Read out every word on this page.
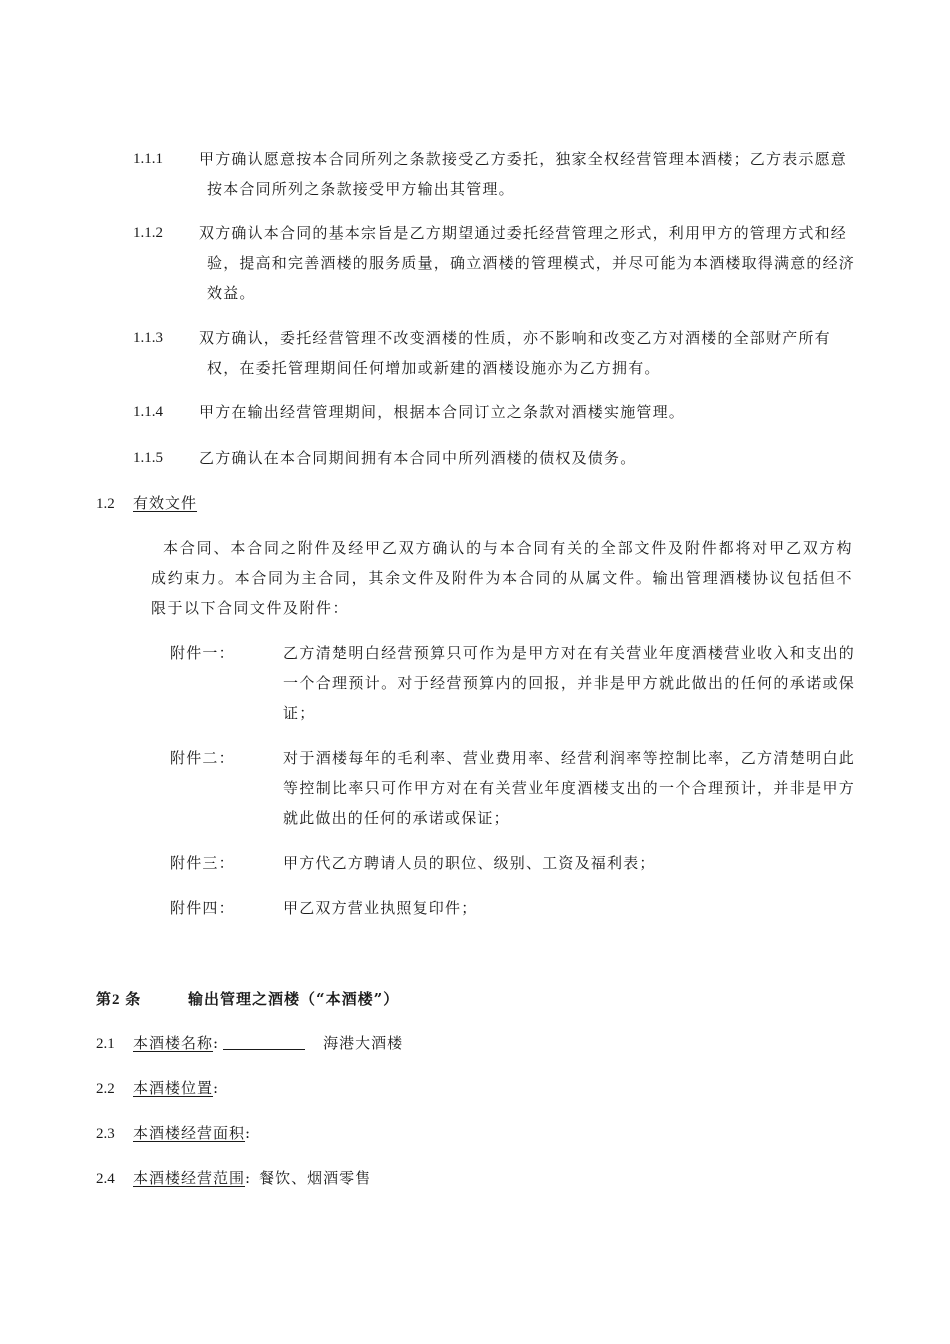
1.1.1	甲方确认愿意按本合同所列之条款接受乙方委托，独家全权经营管理本酒楼；乙方表示愿意按本合同所列之条款接受甲方输出其管理。
1.1.2	双方确认本合同的基本宗旨是乙方期望通过委托经营管理之形式，利用甲方的管理方式和经验，提高和完善酒楼的服务质量，确立酒楼的管理模式，并尽可能为本酒楼取得满意的经济效益。
1.1.3	双方确认，委托经营管理不改变酒楼的性质，亦不影响和改变乙方对酒楼的全部财产所有权，在委托管理期间任何增加或新建的酒楼设施亦为乙方拥有。
1.1.4	甲方在输出经营管理期间，根据本合同订立之条款对酒楼实施管理。
1.1.5	乙方确认在本合同期间拥有本合同中所列酒楼的债权及债务。
1.2 有效文件
本合同、本合同之附件及经甲乙双方确认的与本合同有关的全部文件及附件都将对甲乙双方构成约束力。本合同为主合同，其余文件及附件为本合同的从属文件。输出管理酒楼协议包括但不限于以下合同文件及附件：
附件一：	乙方清楚明白经营预算只可作为是甲方对在有关营业年度酒楼营业收入和支出的一个合理预计。对于经营预算内的回报，并非是甲方就此做出的任何的承诺或保证；
附件二：	对于酒楼每年的毛利率、营业费用率、经营利润率等控制比率，乙方清楚明白此等控制比率只可作甲方对在有关营业年度酒楼支出的一个合理预计，并非是甲方就此做出的任何的承诺或保证；
附件三：	甲方代乙方聘请人员的职位、级别、工资及福利表；
附件四：	甲乙双方营业执照复印件；
第2 条	输出管理之酒楼（“本酒楼”）
2.1 本酒楼名称:	海港大酒楼
2.2 本酒楼位置:
2.3 本酒楼经营面积:
2.4 本酒楼经营范围: 餐饮、烟酒零售
